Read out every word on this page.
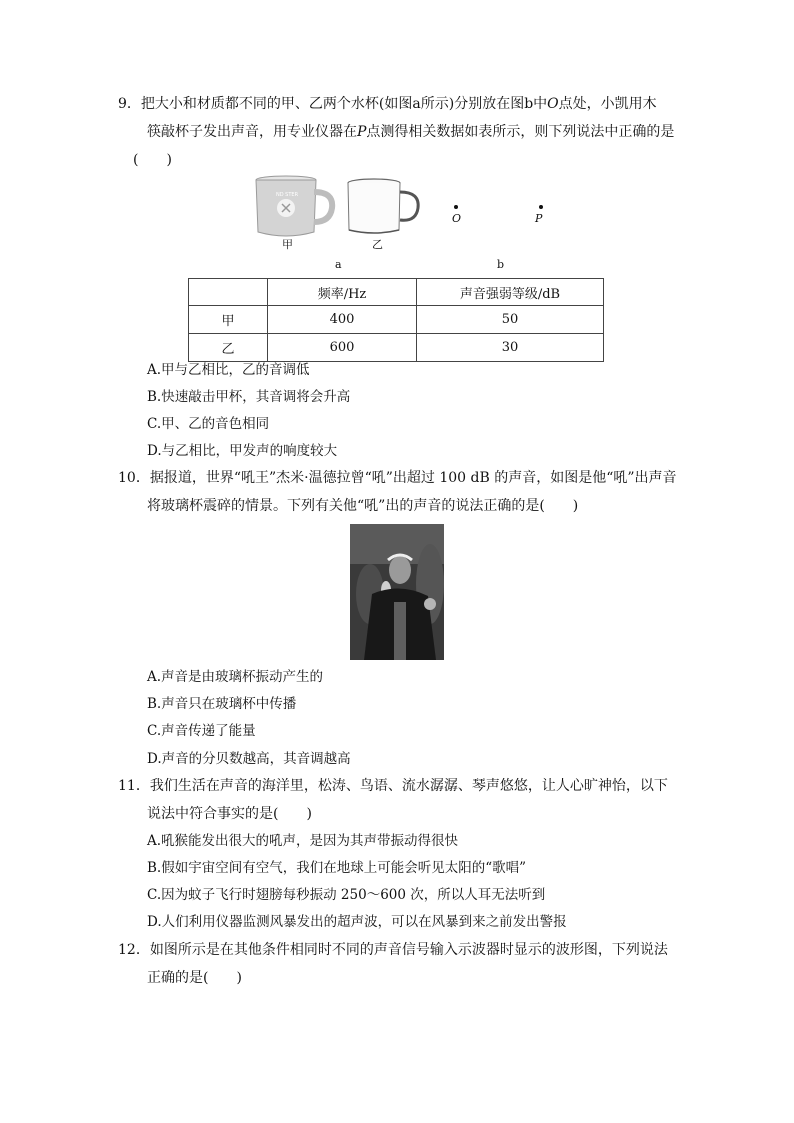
9．把大小和材质都不同的甲、乙两个水杯(如图a所示)分别放在图b中O点处，小凯用木
筷敲杯子发出声音，用专业仪器在P点测得相关数据如表所示，则下列说法中正确的是
(　　)
ND STER
甲	乙
a
O	P
b
	频率/Hz	声音强弱等级/dB
甲	400	50
乙	600	30
A.甲与乙相比，乙的音调低
B.快速敲击甲杯，其音调将会升高
C.甲、乙的音色相同
D.与乙相比，甲发声的响度较大
10．据报道，世界“吼王”杰米·温德拉曾“吼”出超过 100 dB 的声音，如图是他“吼”出声音
将玻璃杯震碎的情景。下列有关他“吼”出的声音的说法正确的是(　　)
A.声音是由玻璃杯振动产生的
B.声音只在玻璃杯中传播
C.声音传递了能量
D.声音的分贝数越高，其音调越高
11．我们生活在声音的海洋里，松涛、鸟语、流水潺潺、琴声悠悠，让人心旷神怡，以下
说法中符合事实的是(　　)
A.吼猴能发出很大的吼声，是因为其声带振动得很快
B.假如宇宙空间有空气，我们在地球上可能会听见太阳的“歌唱”
C.因为蚊子飞行时翅膀每秒振动 250～600 次，所以人耳无法听到
D.人们利用仪器监测风暴发出的超声波，可以在风暴到来之前发出警报
12．如图所示是在其他条件相同时不同的声音信号输入示波器时显示的波形图，下列说法
正确的是(　　)
